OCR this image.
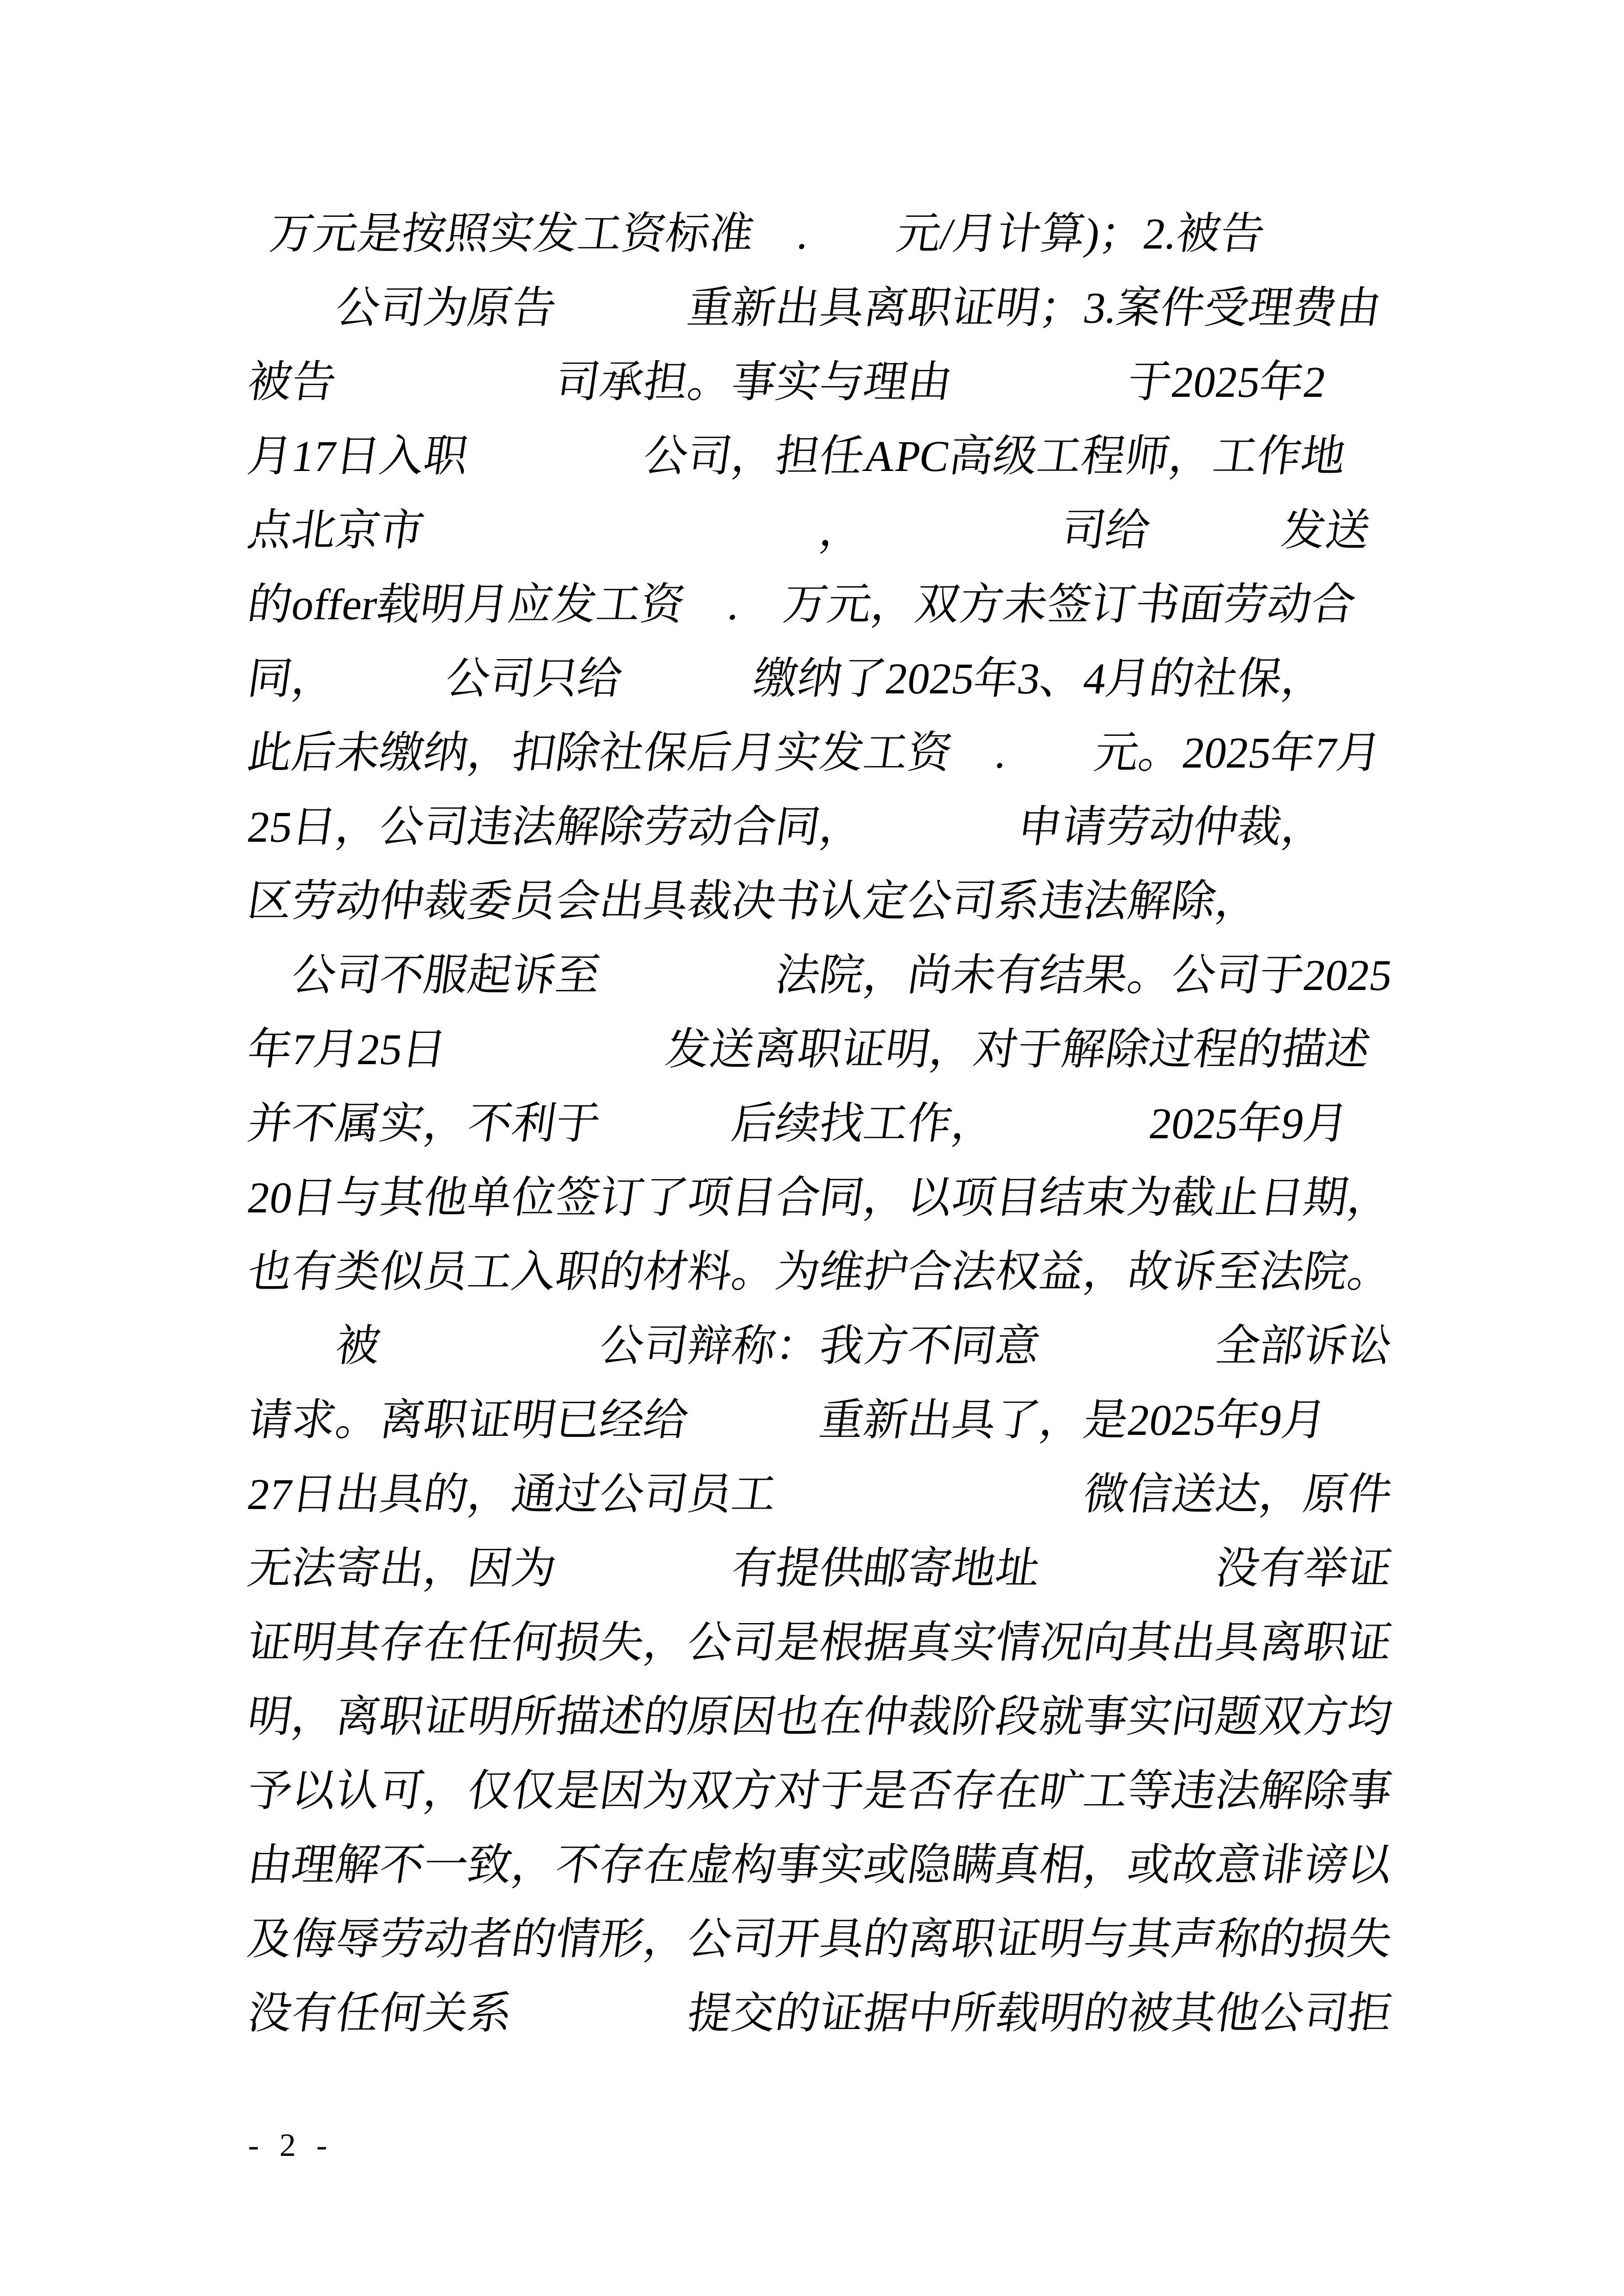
万元是按照实发工资标准　.　　元/月计算)；2.被告
　　公司为原告　　　重新出具离职证明；3.案件受理费由
被告　　　　　司承担。事实与理由　　　　于2025年2
月17日入职　　　　公司，担任APC高级工程师，工作地
点北京市　　　　　　　　　，　　　　　司给　　　发送
的offer载明月应发工资　.　万元，双方未签订书面劳动合
同，　　　公司只给　　　缴纳了2025年3、4月的社保，
此后未缴纳，扣除社保后月实发工资　.　　元。2025年7月
25日，公司违法解除劳动合同，　　　　申请劳动仲裁，
区劳动仲裁委员会出具裁决书认定公司系违法解除，
　公司不服起诉至　　　　法院，尚未有结果。公司于2025
年7月25日　　　　　发送离职证明，对于解除过程的描述
并不属实，不利于　　　后续找工作，　　　　2025年9月
20日与其他单位签订了项目合同，以项目结束为截止日期，
也有类似员工入职的材料。为维护合法权益，故诉至法院。
　　被　　　　　公司辩称：我方不同意　　　　全部诉讼
请求。离职证明已经给　　　重新出具了，是2025年9月
27日出具的，通过公司员工　　　　　　　微信送达，原件
无法寄出，因为　　　　有提供邮寄地址　　　　没有举证
证明其存在任何损失，公司是根据真实情况向其出具离职证
明，离职证明所描述的原因也在仲裁阶段就事实问题双方均
予以认可，仅仅是因为双方对于是否存在旷工等违法解除事
由理解不一致，不存在虚构事实或隐瞒真相，或故意诽谤以
及侮辱劳动者的情形，公司开具的离职证明与其声称的损失
没有任何关系　　　　提交的证据中所载明的被其他公司拒
- 2 -
